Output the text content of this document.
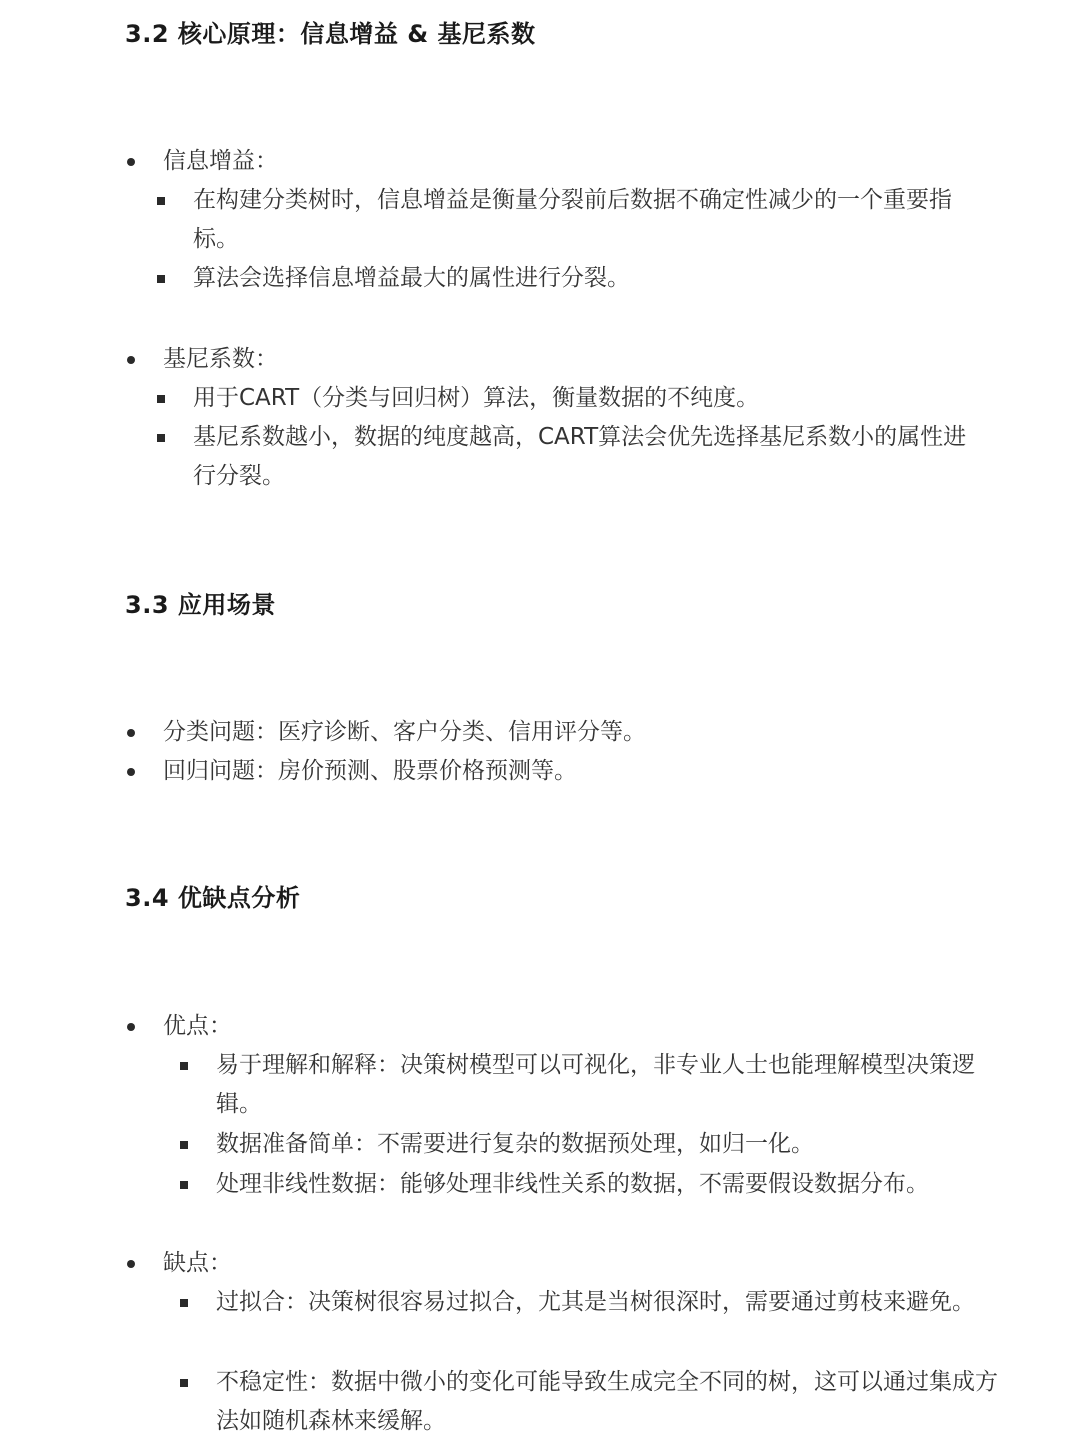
3.2 核心原理：信息增益 & 基尼系数
信息增益：
在构建分类树时，信息增益是衡量分裂前后数据不确定性减少的一个重要指标。
算法会选择信息增益最大的属性进行分裂。
基尼系数：
用于CART（分类与回归树）算法，衡量数据的不纯度。
基尼系数越小，数据的纯度越高，CART算法会优先选择基尼系数小的属性进行分裂。
3.3 应用场景
分类问题：医疗诊断、客户分类、信用评分等。
回归问题：房价预测、股票价格预测等。
3.4 优缺点分析
优点：
易于理解和解释：决策树模型可以可视化，非专业人士也能理解模型决策逻辑。
数据准备简单：不需要进行复杂的数据预处理，如归一化。
处理非线性数据：能够处理非线性关系的数据，不需要假设数据分布。
缺点：
过拟合：决策树很容易过拟合，尤其是当树很深时，需要通过剪枝来避免。
不稳定性：数据中微小的变化可能导致生成完全不同的树，这可以通过集成方法如随机森林来缓解。
